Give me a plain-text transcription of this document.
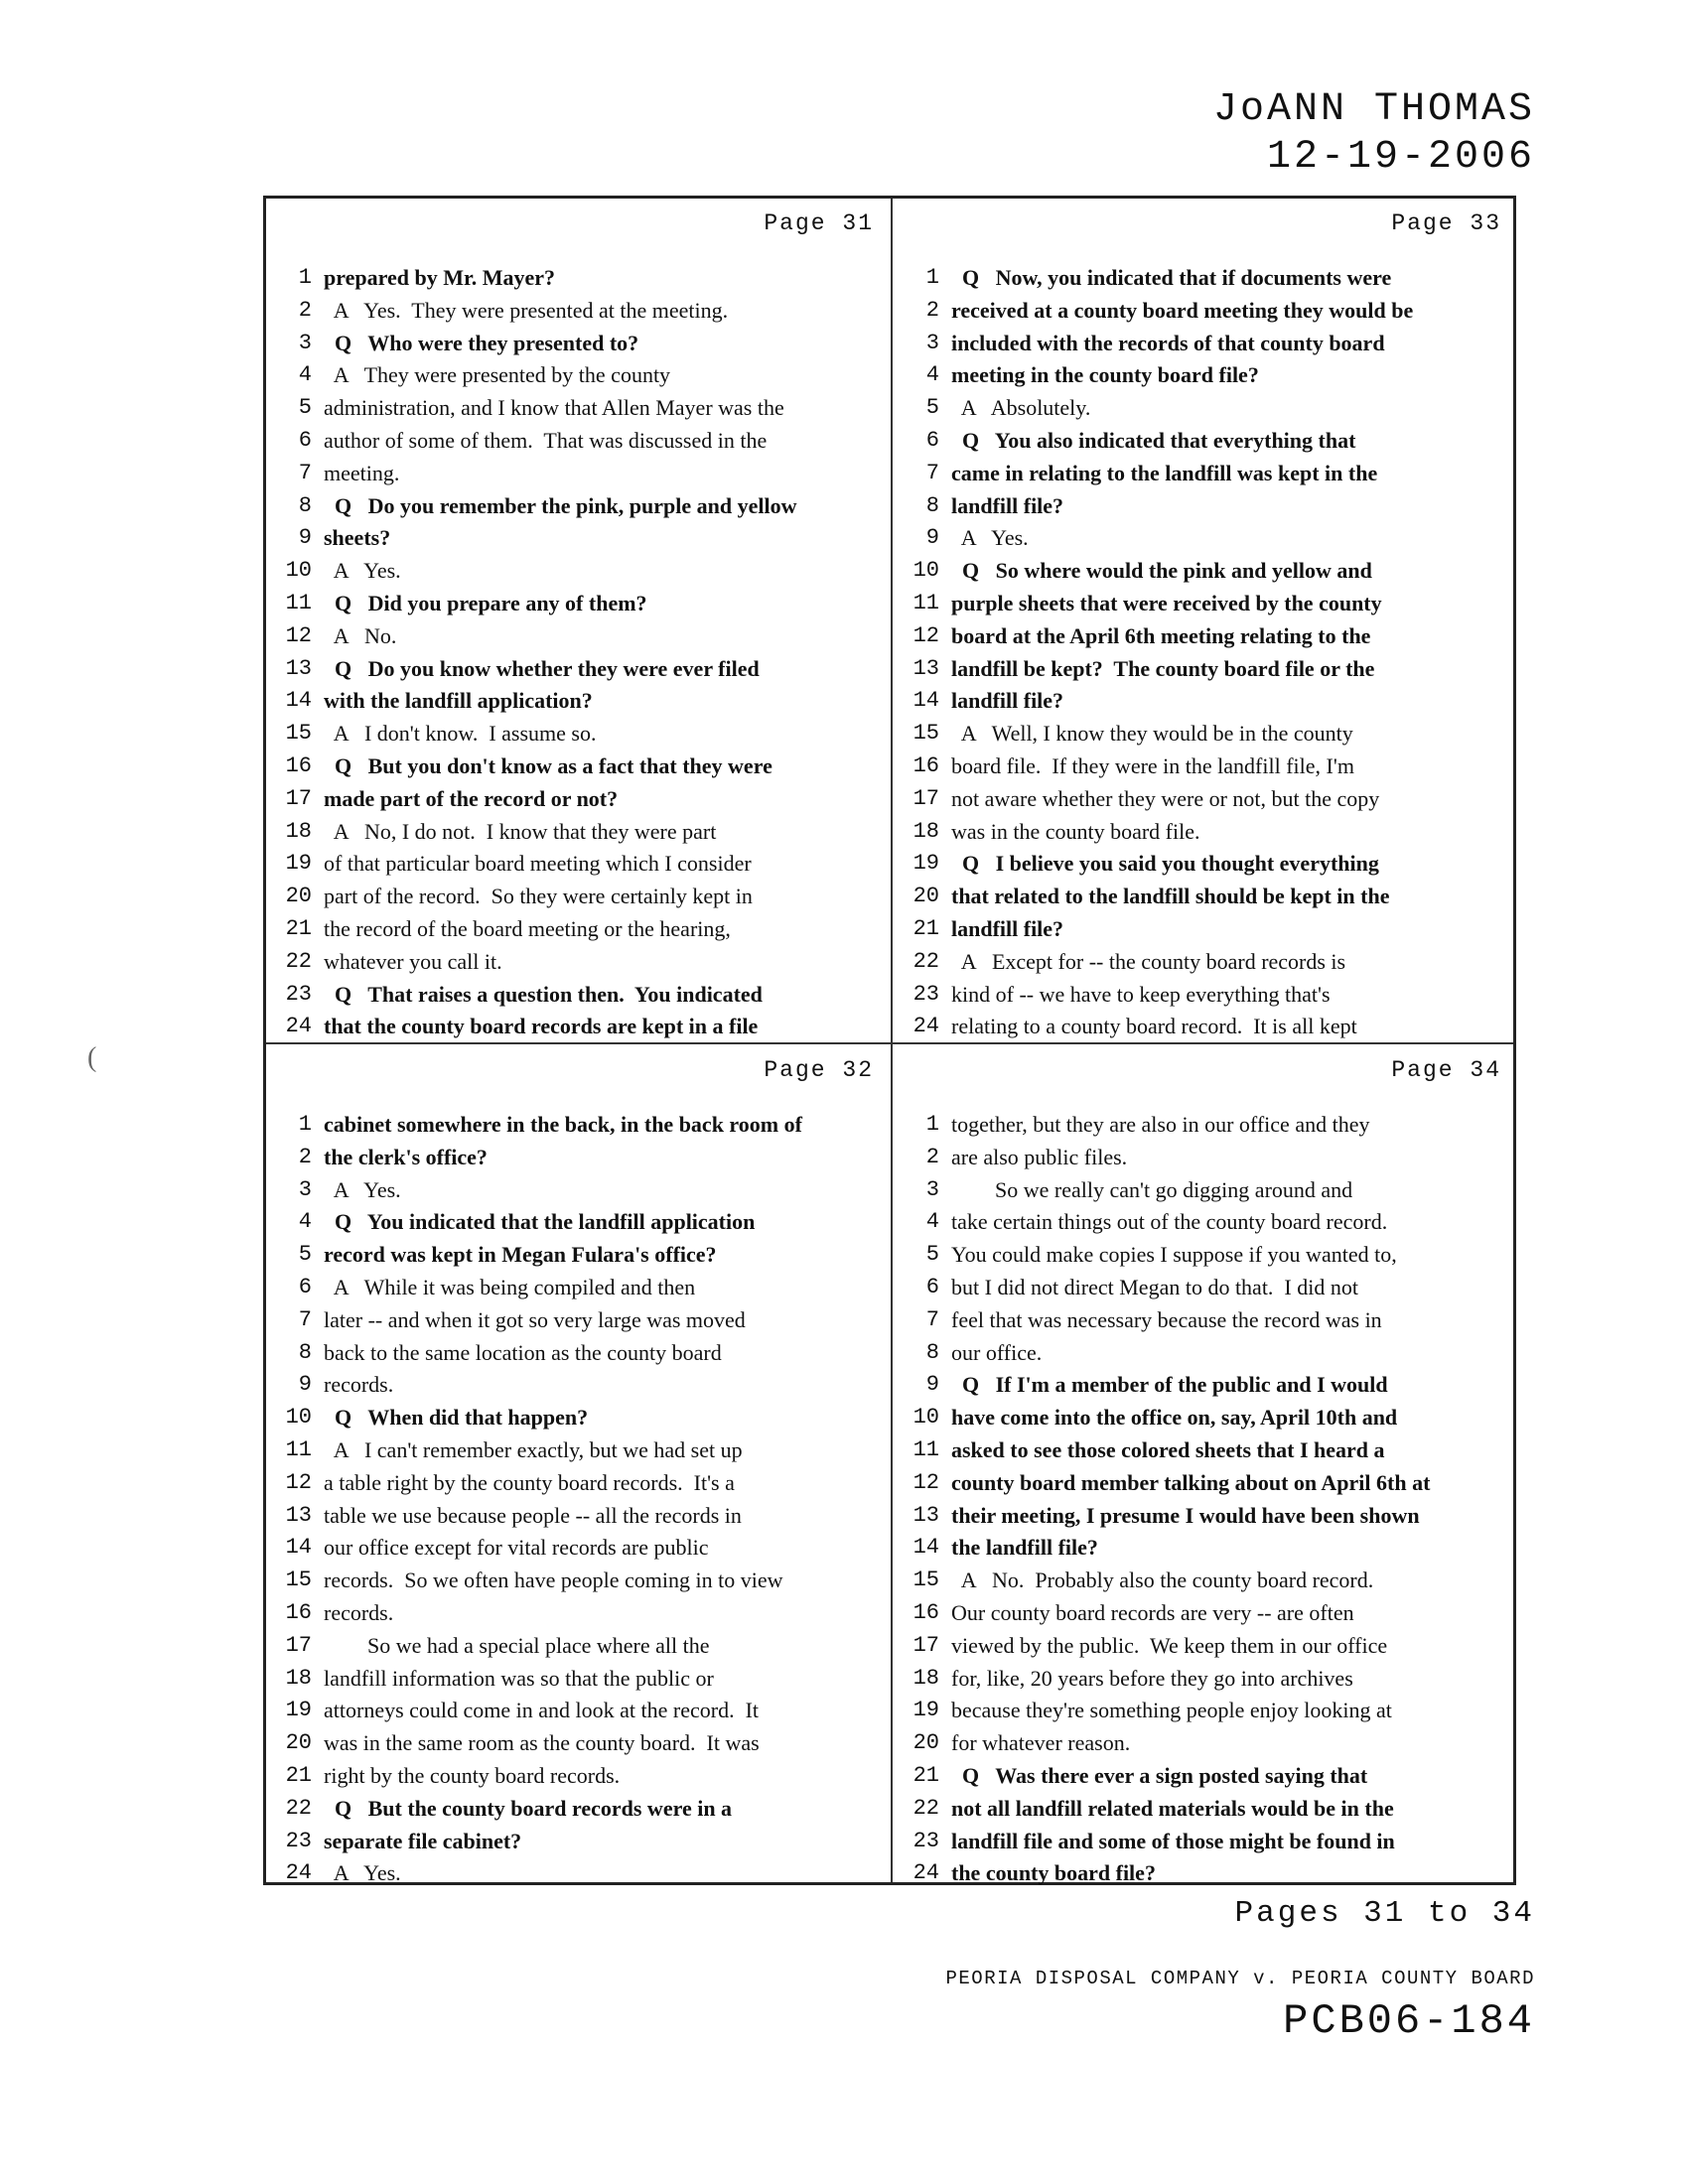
JoANN THOMAS
12-19-2006
Page 31
1 prepared by Mr. Mayer?
2 A   Yes.  They were presented at the meeting.
3 Q   Who were they presented to?
4 A   They were presented by the county
5 administration, and I know that Allen Mayer was the
6 author of some of them.  That was discussed in the
7 meeting.
8 Q   Do you remember the pink, purple and yellow
9 sheets?
10 A   Yes.
11 Q   Did you prepare any of them?
12 A   No.
13 Q   Do you know whether they were ever filed
14 with the landfill application?
15 A   I don't know.  I assume so.
16 Q   But you don't know as a fact that they were
17 made part of the record or not?
18 A   No, I do not.  I know that they were part
19 of that particular board meeting which I consider
20 part of the record.  So they were certainly kept in
21 the record of the board meeting or the hearing,
22 whatever you call it.
23 Q   That raises a question then.  You indicated
24 that the county board records are kept in a file
Page 33
1 Q   Now, you indicated that if documents were
2 received at a county board meeting they would be
3 included with the records of that county board
4 meeting in the county board file?
5 A   Absolutely.
6 Q   You also indicated that everything that
7 came in relating to the landfill was kept in the
8 landfill file?
9 A   Yes.
10 Q   So where would the pink and yellow and
11 purple sheets that were received by the county
12 board at the April 6th meeting relating to the
13 landfill be kept?  The county board file or the
14 landfill file?
15 A   Well, I know they would be in the county
16 board file.  If they were in the landfill file, I'm
17 not aware whether they were or not, but the copy
18 was in the county board file.
19 Q   I believe you said you thought everything
20 that related to the landfill should be kept in the
21 landfill file?
22 A   Except for -- the county board records is
23 kind of -- we have to keep everything that's
24 relating to a county board record.  It is all kept
Page 32
1 cabinet somewhere in the back, in the back room of
2 the clerk's office?
3 A   Yes.
4 Q   You indicated that the landfill application
5 record was kept in Megan Fulara's office?
6 A   While it was being compiled and then
7 later -- and when it got so very large was moved
8 back to the same location as the county board
9 records.
10 Q   When did that happen?
11 A   I can't remember exactly, but we had set up
12 a table right by the county board records.  It's a
13 table we use because people -- all the records in
14 our office except for vital records are public
15 records.  So we often have people coming in to view
16 records.
17 So we had a special place where all the
18 landfill information was so that the public or
19 attorneys could come in and look at the record.  It
20 was in the same room as the county board.  It was
21 right by the county board records.
22 Q   But the county board records were in a
23 separate file cabinet?
24 A   Yes.
Page 34
1 together, but they are also in our office and they
2 are also public files.
3 So we really can't go digging around and
4 take certain things out of the county board record.
5 You could make copies I suppose if you wanted to,
6 but I did not direct Megan to do that.  I did not
7 feel that was necessary because the record was in
8 our office.
9 Q   If I'm a member of the public and I would
10 have come into the office on, say, April 10th and
11 asked to see those colored sheets that I heard a
12 county board member talking about on April 6th at
13 their meeting, I presume I would have been shown
14 the landfill file?
15 A   No.  Probably also the county board record.
16 Our county board records are very -- are often
17 viewed by the public.  We keep them in our office
18 for, like, 20 years before they go into archives
19 because they're something people enjoy looking at
20 for whatever reason.
21 Q   Was there ever a sign posted saying that
22 not all landfill related materials would be in the
23 landfill file and some of those might be found in
24 the county board file?
Pages 31 to 34
PEORIA DISPOSAL COMPANY v. PEORIA COUNTY BOARD
PCB06-184
(
